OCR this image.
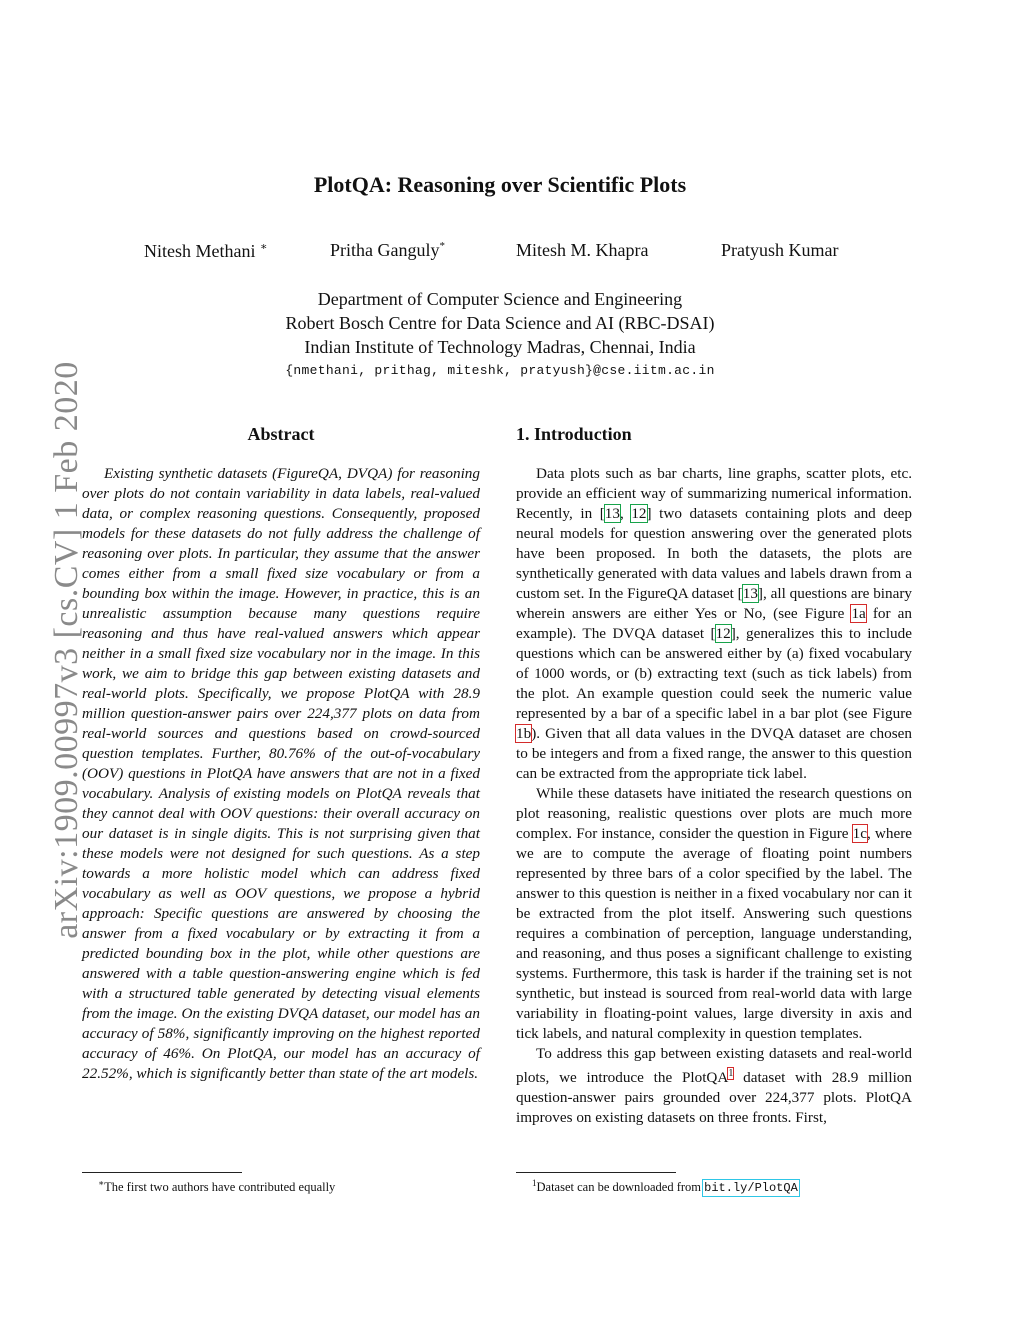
arXiv:1909.00997v3 [cs.CV] 1 Feb 2020
PlotQA: Reasoning over Scientific Plots
Nitesh Methani ∗	Pritha Ganguly*	Mitesh M. Khapra	Pratyush Kumar
Department of Computer Science and Engineering
Robert Bosch Centre for Data Science and AI (RBC-DSAI)
Indian Institute of Technology Madras, Chennai, India
{nmethani, prithag, miteshk, pratyush}@cse.iitm.ac.in
Abstract

Existing synthetic datasets (FigureQA, DVQA) for reasoning over plots do not contain variability in data labels, real-valued data, or complex reasoning questions. Consequently, proposed models for these datasets do not fully address the challenge of reasoning over plots. In particular, they assume that the answer comes either from a small fixed size vocabulary or from a bounding box within the image. However, in practice, this is an unrealistic assumption because many questions require reasoning and thus have real-valued answers which appear neither in a small fixed size vocabulary nor in the image. In this work, we aim to bridge this gap between existing datasets and real-world plots. Specifically, we propose PlotQA with 28.9 million question-answer pairs over 224,377 plots on data from real-world sources and questions based on crowd-sourced question templates. Further, 80.76% of the out-of-vocabulary (OOV) questions in PlotQA have answers that are not in a fixed vocabulary. Analysis of existing models on PlotQA reveals that they cannot deal with OOV questions: their overall accuracy on our dataset is in single digits. This is not surprising given that these models were not designed for such questions. As a step towards a more holistic model which can address fixed vocabulary as well as OOV questions, we propose a hybrid approach: Specific questions are answered by choosing the answer from a fixed vocabulary or by extracting it from a predicted bounding box in the plot, while other questions are answered with a table question-answering engine which is fed with a structured table generated by detecting visual elements from the image. On the existing DVQA dataset, our model has an accuracy of 58%, significantly improving on the highest reported accuracy of 46%. On PlotQA, our model has an accuracy of 22.52%, which is significantly better than state of the art models.

1. Introduction

Data plots such as bar charts, line graphs, scatter plots, etc. provide an efficient way of summarizing numerical information. Recently, in [13, 12] two datasets containing plots and deep neural models for question answering over the generated plots have been proposed. In both the datasets, the plots are synthetically generated with data values and labels drawn from a custom set. In the FigureQA dataset [13], all questions are binary wherein answers are either Yes or No, (see Figure 1a for an example). The DVQA dataset [12], generalizes this to include questions which can be answered either by (a) fixed vocabulary of 1000 words, or (b) extracting text (such as tick labels) from the plot. An example question could seek the numeric value represented by a bar of a specific label in a bar plot (see Figure 1b). Given that all data values in the DVQA dataset are chosen to be integers and from a fixed range, the answer to this question can be extracted from the appropriate tick label.

While these datasets have initiated the research questions on plot reasoning, realistic questions over plots are much more complex. For instance, consider the question in Figure 1c, where we are to compute the average of floating point numbers represented by three bars of a color specified by the label. The answer to this question is neither in a fixed vocabulary nor can it be extracted from the plot itself. Answering such questions requires a combination of perception, language understanding, and reasoning, and thus poses a significant challenge to existing systems. Furthermore, this task is harder if the training set is not synthetic, but instead is sourced from real-world data with large variability in floating-point values, large diversity in axis and tick labels, and natural complexity in question templates.

To address this gap between existing datasets and real-world plots, we introduce the PlotQA$^1$ dataset with 28.9 million question-answer pairs grounded over 224,377 plots. PlotQA improves on existing datasets on three fronts. First,

∗The first two authors have contributed equally	$^1$Dataset can be downloaded from bit.ly/PlotQA
